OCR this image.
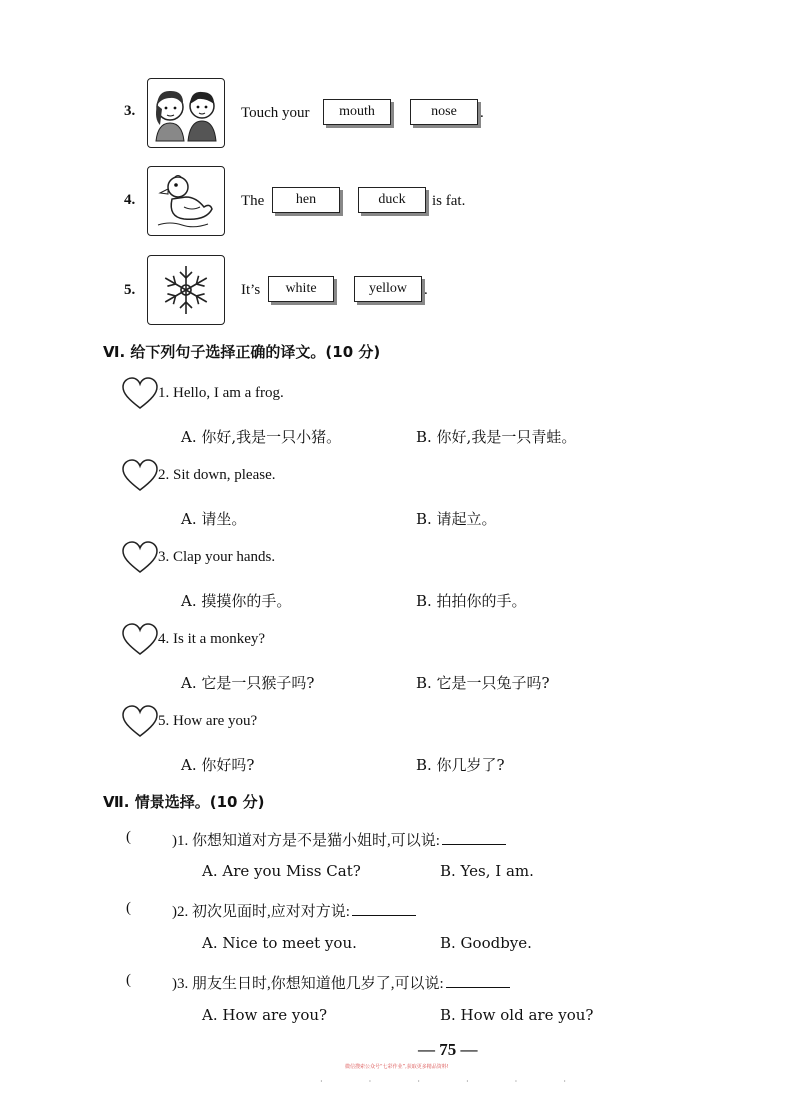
3.	Touch your	mouth	nose	.
4.	The	hen	duck	is fat.
5.	It’s	white	yellow	.
Ⅵ. 给下列句子选择正确的译文。(10 分)
1. Hello, I am a frog.
A. 你好,我是一只小猪。	B. 你好,我是一只青蛙。
2. Sit down, please.
A. 请坐。	B. 请起立。
3. Clap your hands.
A. 摸摸你的手。	B. 拍拍你的手。
4. Is it a monkey?
A. 它是一只猴子吗?	B. 它是一只兔子吗?
5. How are you?
A. 你好吗?	B. 你几岁了?
Ⅶ. 情景选择。(10 分)
(	)1. 你想知道对方是不是猫小姐时,可以说:
A. Are you Miss Cat?	B. Yes, I am.
(	)2. 初次见面时,应对对方说:
A. Nice to meet you.	B. Goodbye.
(	)3. 朋友生日时,你想知道他几岁了,可以说:
A. How are you?	B. How old are you?
— 75 —
微信搜索公众号“七彩作业”,获取更多精品资料!
· · · · · ·
